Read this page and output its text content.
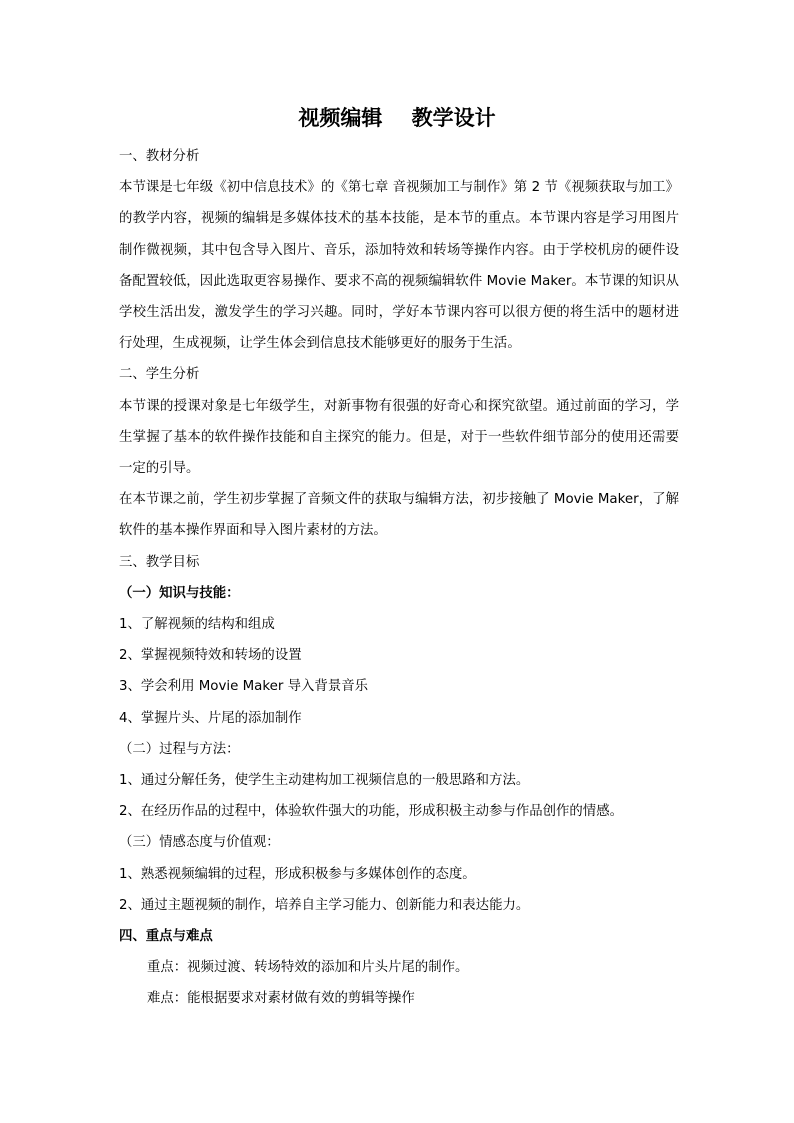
视频编辑    教学设计

一、教材分析

本节课是七年级《初中信息技术》的《第七章 音视频加工与制作》第 2 节《视频获取与加工》的教学内容，视频的编辑是多媒体技术的基本技能，是本节的重点。本节课内容是学习用图片制作微视频，其中包含导入图片、音乐，添加特效和转场等操作内容。由于学校机房的硬件设备配置较低，因此选取更容易操作、要求不高的视频编辑软件 Movie Maker。本节课的知识从学校生活出发，激发学生的学习兴趣。同时，学好本节课内容可以很方便的将生活中的题材进行处理，生成视频，让学生体会到信息技术能够更好的服务于生活。

二、学生分析

本节课的授课对象是七年级学生，对新事物有很强的好奇心和探究欲望。通过前面的学习，学生掌握了基本的软件操作技能和自主探究的能力。但是，对于一些软件细节部分的使用还需要一定的引导。

在本节课之前，学生初步掌握了音频文件的获取与编辑方法，初步接触了 Movie Maker，了解软件的基本操作界面和导入图片素材的方法。

三、教学目标

（一）知识与技能：

1、了解视频的结构和组成

2、掌握视频特效和转场的设置

3、学会利用 Movie Maker 导入背景音乐

4、掌握片头、片尾的添加制作

（二）过程与方法：

1、通过分解任务，使学生主动建构加工视频信息的一般思路和方法。

2、在经历作品的过程中，体验软件强大的功能，形成积极主动参与作品创作的情感。

（三）情感态度与价值观：

1、熟悉视频编辑的过程，形成积极参与多媒体创作的态度。

2、通过主题视频的制作，培养自主学习能力、创新能力和表达能力。

四、重点与难点

重点：视频过渡、转场特效的添加和片头片尾的制作。

难点：能根据要求对素材做有效的剪辑等操作
